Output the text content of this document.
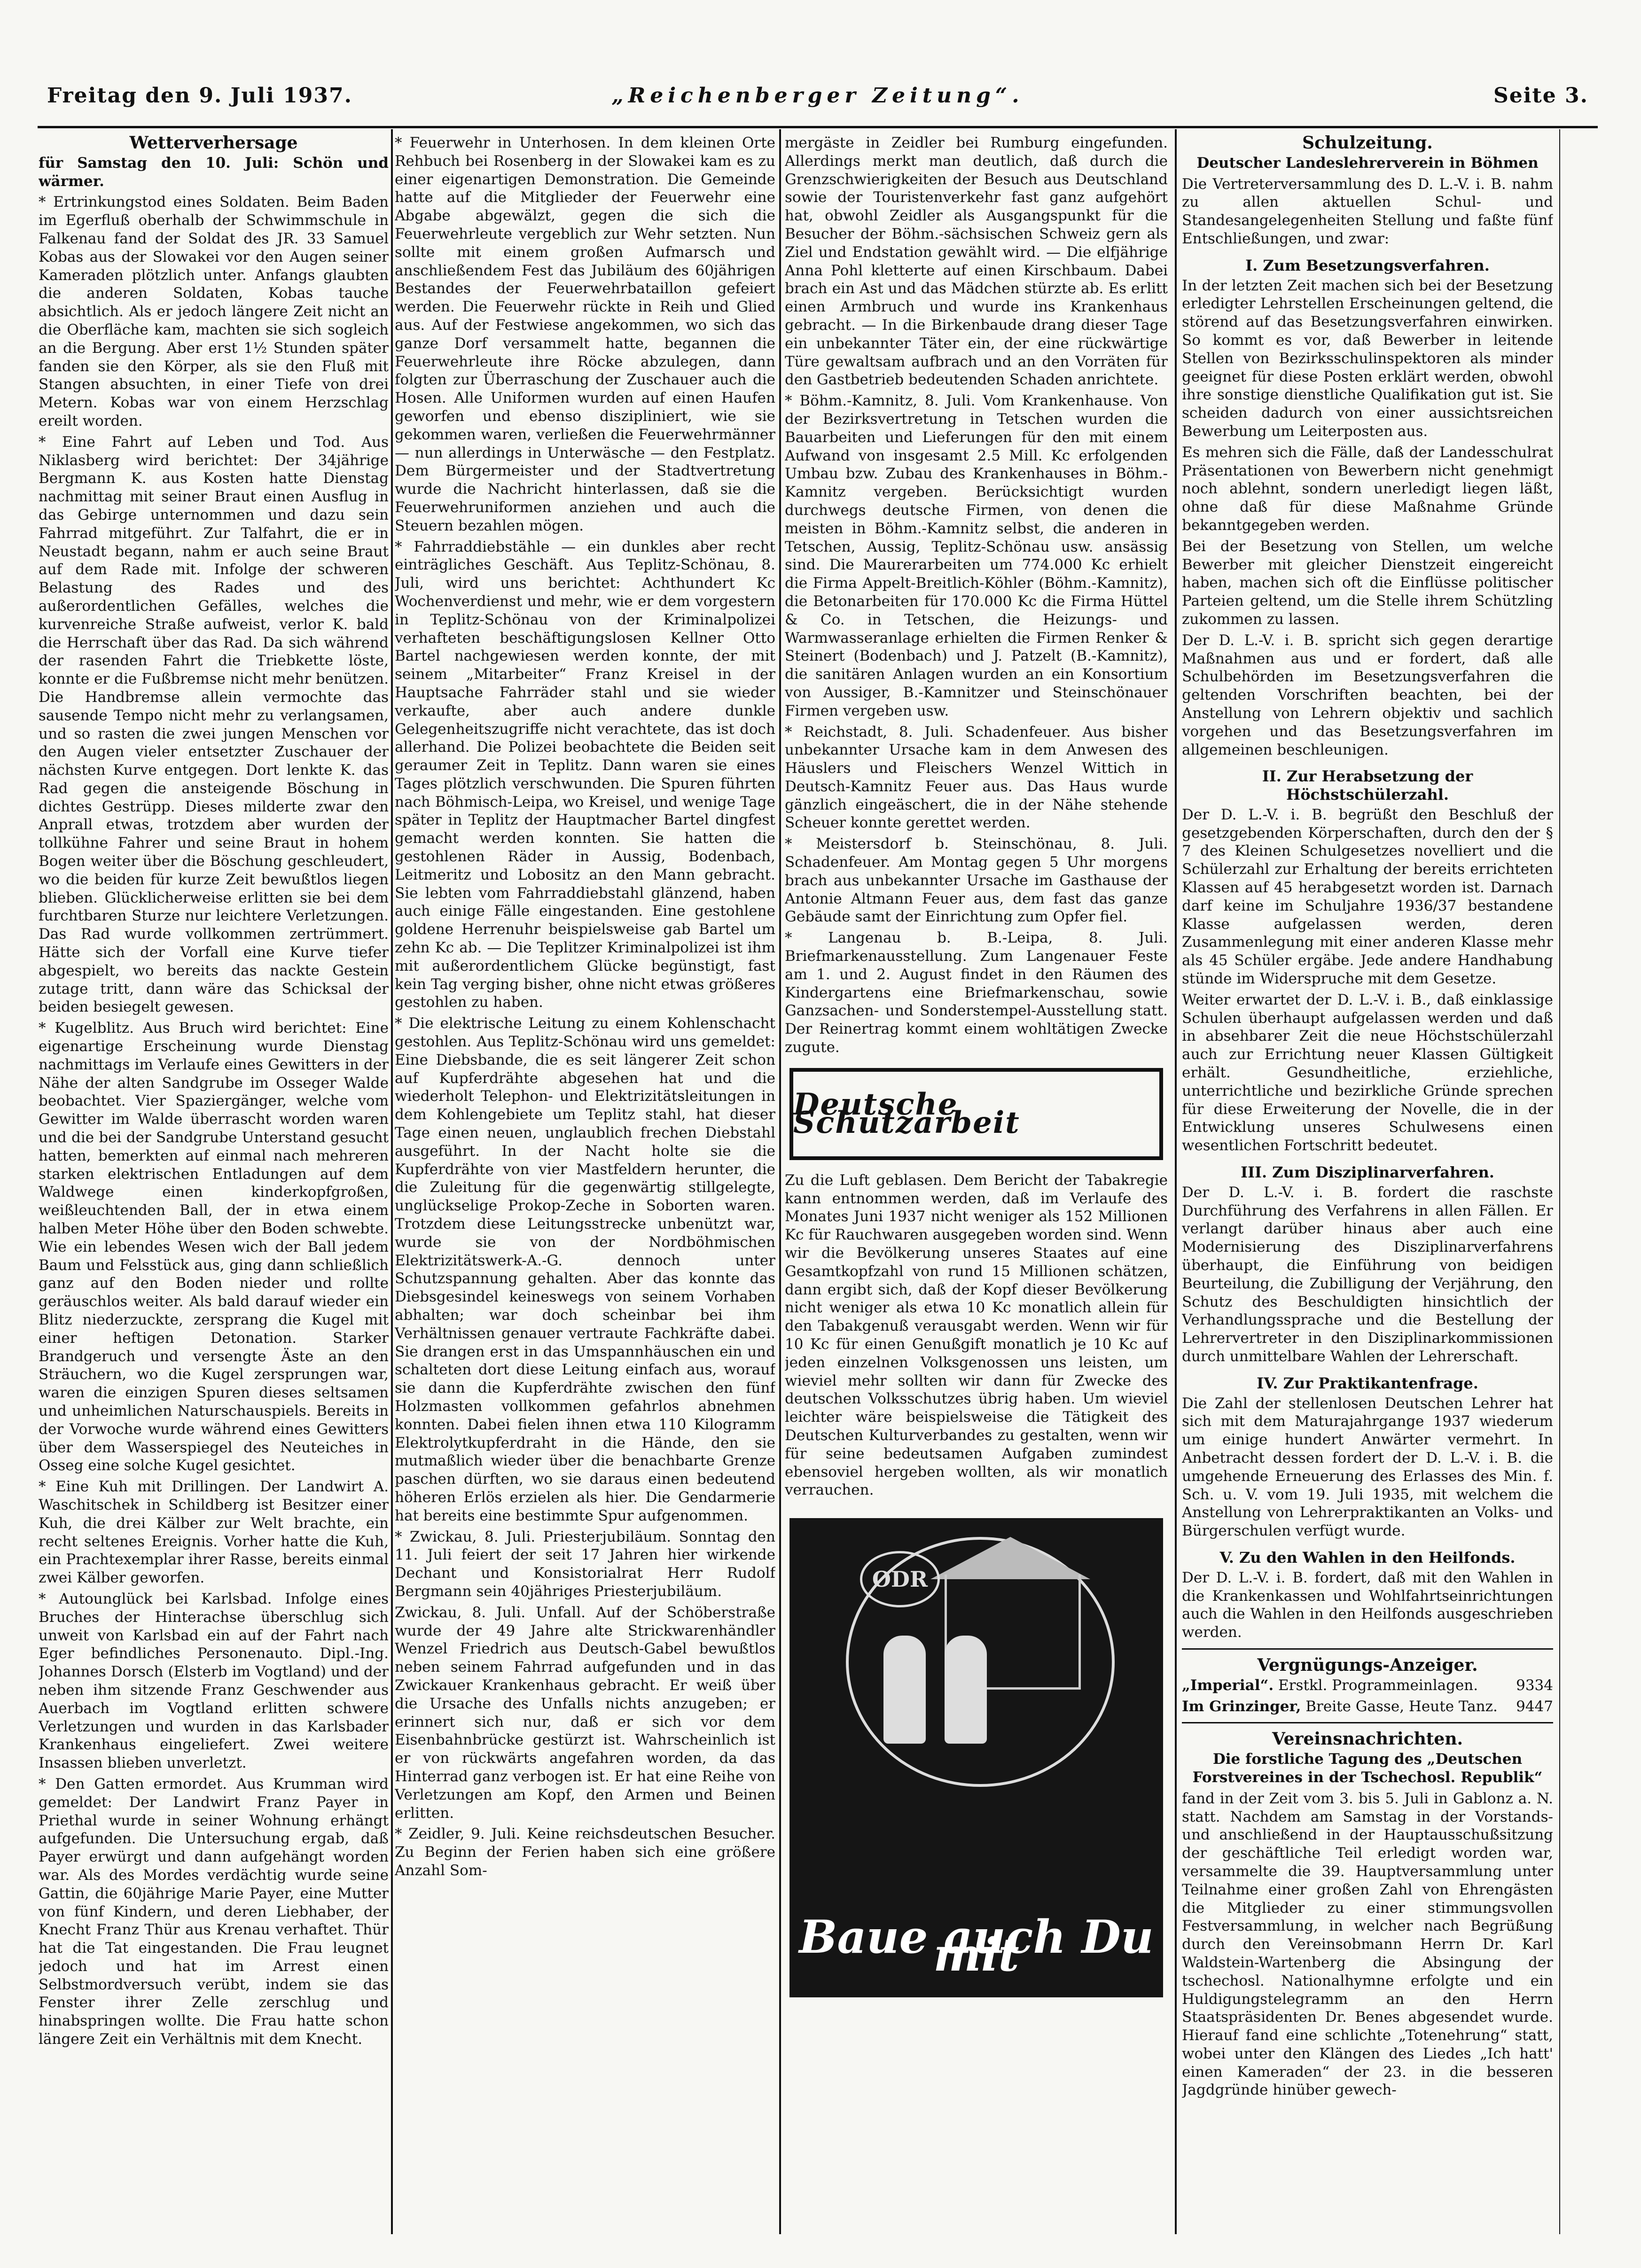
Freitag den 9. Juli 1937.	„Reichenberger Zeitung“.	Seite 3.
Wetterverhersage

für Samstag den 10. Juli: Schön und wärmer.

* Ertrinkungstod eines Soldaten. Beim Baden im Egerfluß oberhalb der Schwimmschule in Falkenau fand der Soldat des JR. 33 Samuel Kobas aus der Slowakei vor den Augen seiner Kameraden plötzlich unter. Anfangs glaubten die anderen Soldaten, Kobas tauche absichtlich. Als er jedoch längere Zeit nicht an die Oberfläche kam, machten sie sich sogleich an die Bergung. Aber erst 1½ Stunden später fanden sie den Körper, als sie den Fluß mit Stangen absuchten, in einer Tiefe von drei Metern. Kobas war von einem Herzschlag ereilt worden.

* Eine Fahrt auf Leben und Tod. Aus Niklasberg wird berichtet: Der 34jährige Bergmann K. aus Kosten hatte Dienstag nachmittag mit seiner Braut einen Ausflug in das Gebirge unternommen und dazu sein Fahrrad mitgeführt. Zur Talfahrt, die er in Neustadt begann, nahm er auch seine Braut auf dem Rade mit. Infolge der schweren Belastung des Rades und des außerordentlichen Gefälles, welches die kurvenreiche Straße aufweist, verlor K. bald die Herrschaft über das Rad. Da sich während der rasenden Fahrt die Triebkette löste, konnte er die Fußbremse nicht mehr benützen. Die Handbremse allein vermochte das sausende Tempo nicht mehr zu verlangsamen, und so rasten die zwei jungen Menschen vor den Augen vieler entsetzter Zuschauer der nächsten Kurve entgegen. Dort lenkte K. das Rad gegen die ansteigende Böschung in dichtes Gestrüpp. Dieses milderte zwar den Anprall etwas, trotzdem aber wurden der tollkühne Fahrer und seine Braut in hohem Bogen weiter über die Böschung geschleudert, wo die beiden für kurze Zeit bewußtlos liegen blieben. Glücklicherweise erlitten sie bei dem furchtbaren Sturze nur leichtere Verletzungen. Das Rad wurde vollkommen zertrümmert. Hätte sich der Vorfall eine Kurve tiefer abgespielt, wo bereits das nackte Gestein zutage tritt, dann wäre das Schicksal der beiden besiegelt gewesen.

* Kugelblitz. Aus Bruch wird berichtet: Eine eigenartige Erscheinung wurde Dienstag nachmittags im Verlaufe eines Gewitters in der Nähe der alten Sandgrube im Osseger Walde beobachtet. Vier Spaziergänger, welche vom Gewitter im Walde überrascht worden waren und die bei der Sandgrube Unterstand gesucht hatten, bemerkten auf einmal nach mehreren starken elektrischen Entladungen auf dem Waldwege einen kinderkopfgroßen, weißleuchtenden Ball, der in etwa einem halben Meter Höhe über den Boden schwebte. Wie ein lebendes Wesen wich der Ball jedem Baum und Felsstück aus, ging dann schließlich ganz auf den Boden nieder und rollte geräuschlos weiter. Als bald darauf wieder ein Blitz niederzuckte, zersprang die Kugel mit einer heftigen Detonation. Starker Brandgeruch und versengte Äste an den Sträuchern, wo die Kugel zersprungen war, waren die einzigen Spuren dieses seltsamen und unheimlichen Naturschauspiels. Bereits in der Vorwoche wurde während eines Gewitters über dem Wasserspiegel des Neuteiches in Osseg eine solche Kugel gesichtet.

* Eine Kuh mit Drillingen. Der Landwirt A. Waschitschek in Schildberg ist Besitzer einer Kuh, die drei Kälber zur Welt brachte, ein recht seltenes Ereignis. Vorher hatte die Kuh, ein Prachtexemplar ihrer Rasse, bereits einmal zwei Kälber geworfen.

* Autounglück bei Karlsbad. Infolge eines Bruches der Hinterachse überschlug sich unweit von Karlsbad ein auf der Fahrt nach Eger befindliches Personenauto. Dipl.-Ing. Johannes Dorsch (Elsterb im Vogtland) und der neben ihm sitzende Franz Geschwender aus Auerbach im Vogtland erlitten schwere Verletzungen und wurden in das Karlsbader Krankenhaus eingeliefert. Zwei weitere Insassen blieben unverletzt.

* Den Gatten ermordet. Aus Krumman wird gemeldet: Der Landwirt Franz Payer in Priethal wurde in seiner Wohnung erhängt aufgefunden. Die Untersuchung ergab, daß Payer erwürgt und dann aufgehängt worden war. Als des Mordes verdächtig wurde seine Gattin, die 60jährige Marie Payer, eine Mutter von fünf Kindern, und deren Liebhaber, der Knecht Franz Thür aus Krenau verhaftet. Thür hat die Tat eingestanden. Die Frau leugnet jedoch und hat im Arrest einen Selbstmordversuch verübt, indem sie das Fenster ihrer Zelle zerschlug und hinabspringen wollte. Die Frau hatte schon längere Zeit ein Verhältnis mit dem Knecht.

* Feuerwehr in Unterhosen. In dem kleinen Orte Rehbuch bei Rosenberg in der Slowakei kam es zu einer eigenartigen Demonstration. Die Gemeinde hatte auf die Mitglieder der Feuerwehr eine Abgabe abgewälzt, gegen die sich die Feuerwehrleute vergeblich zur Wehr setzten. Nun sollte mit einem großen Aufmarsch und anschließendem Fest das Jubiläum des 60jährigen Bestandes der Feuerwehrbataillon gefeiert werden. Die Feuerwehr rückte in Reih und Glied aus. Auf der Festwiese angekommen, wo sich das ganze Dorf versammelt hatte, begannen die Feuerwehrleute ihre Röcke abzulegen, dann folgten zur Überraschung der Zuschauer auch die Hosen. Alle Uniformen wurden auf einen Haufen geworfen und ebenso diszipliniert, wie sie gekommen waren, verließen die Feuerwehrmänner — nun allerdings in Unterwäsche — den Festplatz. Dem Bürgermeister und der Stadtvertretung wurde die Nachricht hinterlassen, daß sie die Feuerwehruniformen anziehen und auch die Steuern bezahlen mögen.

* Fahrraddiebstähle — ein dunkles aber recht einträgliches Geschäft. Aus Teplitz-Schönau, 8. Juli, wird uns berichtet: Achthundert Kc Wochenverdienst und mehr, wie er dem vorgestern in Teplitz-Schönau von der Kriminalpolizei verhafteten beschäftigungslosen Kellner Otto Bartel nachgewiesen werden konnte, der mit seinem „Mitarbeiter“ Franz Kreisel in der Hauptsache Fahrräder stahl und sie wieder verkaufte, aber auch andere dunkle Gelegenheitszugriffe nicht verachtete, das ist doch allerhand. Die Polizei beobachtete die Beiden seit geraumer Zeit in Teplitz. Dann waren sie eines Tages plötzlich verschwunden. Die Spuren führten nach Böhmisch-Leipa, wo Kreisel, und wenige Tage später in Teplitz der Hauptmacher Bartel dingfest gemacht werden konnten. Sie hatten die gestohlenen Räder in Aussig, Bodenbach, Leitmeritz und Lobositz an den Mann gebracht. Sie lebten vom Fahrraddiebstahl glänzend, haben auch einige Fälle eingestanden. Eine gestohlene goldene Herrenuhr beispielsweise gab Bartel um zehn Kc ab. — Die Teplitzer Kriminalpolizei ist ihm mit außerordentlichem Glücke begünstigt, fast kein Tag verging bisher, ohne nicht etwas größeres gestohlen zu haben.

* Die elektrische Leitung zu einem Kohlenschacht gestohlen. Aus Teplitz-Schönau wird uns gemeldet: Eine Diebsbande, die es seit längerer Zeit schon auf Kupferdrähte abgesehen hat und die wiederholt Telephon- und Elektrizitätsleitungen in dem Kohlengebiete um Teplitz stahl, hat dieser Tage einen neuen, unglaublich frechen Diebstahl ausgeführt. In der Nacht holte sie die Kupferdrähte von vier Mastfeldern herunter, die die Zuleitung für die gegenwärtig stillgelegte, unglückselige Prokop-Zeche in Soborten waren. Trotzdem diese Leitungsstrecke unbenützt war, wurde sie von der Nordböhmischen Elektrizitätswerk-A.-G. dennoch unter Schutzspannung gehalten. Aber das konnte das Diebsgesindel keineswegs von seinem Vorhaben abhalten; war doch scheinbar bei ihm Verhältnissen genauer vertraute Fachkräfte dabei. Sie drangen erst in das Umspannhäuschen ein und schalteten dort diese Leitung einfach aus, worauf sie dann die Kupferdrähte zwischen den fünf Holzmasten vollkommen gefahrlos abnehmen konnten. Dabei fielen ihnen etwa 110 Kilogramm Elektrolytkupferdraht in die Hände, den sie mutmaßlich wieder über die benachbarte Grenze paschen dürften, wo sie daraus einen bedeutend höheren Erlös erzielen als hier. Die Gendarmerie hat bereits eine bestimmte Spur aufgenommen.

* Zwickau, 8. Juli. Priesterjubiläum. Sonntag den 11. Juli feiert der seit 17 Jahren hier wirkende Dechant und Konsistorialrat Herr Rudolf Bergmann sein 40jähriges Priesterjubiläum.

Zwickau, 8. Juli. Unfall. Auf der Schöberstraße wurde der 49 Jahre alte Strickwarenhändler Wenzel Friedrich aus Deutsch-Gabel bewußtlos neben seinem Fahrrad aufgefunden und in das Zwickauer Krankenhaus gebracht. Er weiß über die Ursache des Unfalls nichts anzugeben; er erinnert sich nur, daß er sich vor dem Eisenbahnbrücke gestürzt ist. Wahrscheinlich ist er von rückwärts angefahren worden, da das Hinterrad ganz verbogen ist. Er hat eine Reihe von Verletzungen am Kopf, den Armen und Beinen erlitten.

* Zeidler, 9. Juli. Keine reichsdeutschen Besucher. Zu Beginn der Ferien haben sich eine größere Anzahl Som-

mergäste in Zeidler bei Rumburg eingefunden. Allerdings merkt man deutlich, daß durch die Grenzschwierigkeiten der Besuch aus Deutschland sowie der Touristenverkehr fast ganz aufgehört hat, obwohl Zeidler als Ausgangspunkt für die Besucher der Böhm.-sächsischen Schweiz gern als Ziel und Endstation gewählt wird. — Die elfjährige Anna Pohl kletterte auf einen Kirschbaum. Dabei brach ein Ast und das Mädchen stürzte ab. Es erlitt einen Armbruch und wurde ins Krankenhaus gebracht. — In die Birkenbaude drang dieser Tage ein unbekannter Täter ein, der eine rückwärtige Türe gewaltsam aufbrach und an den Vorräten für den Gastbetrieb bedeutenden Schaden anrichtete.

* Böhm.-Kamnitz, 8. Juli. Vom Krankenhause. Von der Bezirksvertretung in Tetschen wurden die Bauarbeiten und Lieferungen für den mit einem Aufwand von insgesamt 2.5 Mill. Kc erfolgenden Umbau bzw. Zubau des Krankenhauses in Böhm.-Kamnitz vergeben. Berücksichtigt wurden durchwegs deutsche Firmen, von denen die meisten in Böhm.-Kamnitz selbst, die anderen in Tetschen, Aussig, Teplitz-Schönau usw. ansässig sind. Die Maurerarbeiten um 774.000 Kc erhielt die Firma Appelt-Breitlich-Köhler (Böhm.-Kamnitz), die Betonarbeiten für 170.000 Kc die Firma Hüttel & Co. in Tetschen, die Heizungs- und Warmwasseranlage erhielten die Firmen Renker & Steinert (Bodenbach) und J. Patzelt (B.-Kamnitz), die sanitären Anlagen wurden an ein Konsortium von Aussiger, B.-Kamnitzer und Steinschönauer Firmen vergeben usw.

* Reichstadt, 8. Juli. Schadenfeuer. Aus bisher unbekannter Ursache kam in dem Anwesen des Häuslers und Fleischers Wenzel Wittich in Deutsch-Kamnitz Feuer aus. Das Haus wurde gänzlich eingeäschert, die in der Nähe stehende Scheuer konnte gerettet werden.

* Meistersdorf b. Steinschönau, 8. Juli. Schadenfeuer. Am Montag gegen 5 Uhr morgens brach aus unbekannter Ursache im Gasthause der Antonie Altmann Feuer aus, dem fast das ganze Gebäude samt der Einrichtung zum Opfer fiel.

* Langenau b. B.-Leipa, 8. Juli. Briefmarkenausstellung. Zum Langenauer Feste am 1. und 2. August findet in den Räumen des Kindergartens eine Briefmarkenschau, sowie Ganzsachen- und Sonderstempel-Ausstellung statt. Der Reinertrag kommt einem wohltätigen Zwecke zugute.

Deutsche Schutzarbeit

Zu die Luft geblasen. Dem Bericht der Tabakregie kann entnommen werden, daß im Verlaufe des Monates Juni 1937 nicht weniger als 152 Millionen Kc für Rauchwaren ausgegeben worden sind. Wenn wir die Bevölkerung unseres Staates auf eine Gesamtkopfzahl von rund 15 Millionen schätzen, dann ergibt sich, daß der Kopf dieser Bevölkerung nicht weniger als etwa 10 Kc monatlich allein für den Tabakgenuß verausgabt werden. Wenn wir für 10 Kc für einen Genußgift monatlich je 10 Kc auf jeden einzelnen Volksgenossen uns leisten, um wieviel mehr sollten wir dann für Zwecke des deutschen Volksschutzes übrig haben. Um wieviel leichter wäre beispielsweise die Tätigkeit des Deutschen Kulturverbandes zu gestalten, wenn wir für seine bedeutsamen Aufgaben zumindest ebensoviel hergeben wollten, als wir monatlich verrauchen.

ODR
Baue auch Du mit
Schulzeitung.

Deutscher Landeslehrerverein in Böhmen

Die Vertreterversammlung des D. L.-V. i. B. nahm zu allen aktuellen Schul- und Standesangelegenheiten Stellung und faßte fünf Entschließungen, und zwar:

I. Zum Besetzungsverfahren.

In der letzten Zeit machen sich bei der Besetzung erledigter Lehrstellen Erscheinungen geltend, die störend auf das Besetzungsverfahren einwirken. So kommt es vor, daß Bewerber in leitende Stellen von Bezirksschulinspektoren als minder geeignet für diese Posten erklärt werden, obwohl ihre sonstige dienstliche Qualifikation gut ist. Sie scheiden dadurch von einer aussichtsreichen Bewerbung um Leiterposten aus.

Es mehren sich die Fälle, daß der Landesschulrat Präsentationen von Bewerbern nicht genehmigt noch ablehnt, sondern unerledigt liegen läßt, ohne daß für diese Maßnahme Gründe bekanntgegeben werden.

Bei der Besetzung von Stellen, um welche Bewerber mit gleicher Dienstzeit eingereicht haben, machen sich oft die Einflüsse politischer Parteien geltend, um die Stelle ihrem Schützling zukommen zu lassen.

Der D. L.-V. i. B. spricht sich gegen derartige Maßnahmen aus und er fordert, daß alle Schulbehörden im Besetzungsverfahren die geltenden Vorschriften beachten, bei der Anstellung von Lehrern objektiv und sachlich vorgehen und das Besetzungsverfahren im allgemeinen beschleunigen.

II. Zur Herabsetzung der Höchstschülerzahl.

Der D. L.-V. i. B. begrüßt den Beschluß der gesetzgebenden Körperschaften, durch den der § 7 des Kleinen Schulgesetzes novelliert und die Schülerzahl zur Erhaltung der bereits errichteten Klassen auf 45 herabgesetzt worden ist. Darnach darf keine im Schuljahre 1936/37 bestandene Klasse aufgelassen werden, deren Zusammenlegung mit einer anderen Klasse mehr als 45 Schüler ergäbe. Jede andere Handhabung stünde im Widerspruche mit dem Gesetze.

Weiter erwartet der D. L.-V. i. B., daß einklassige Schulen überhaupt aufgelassen werden und daß in absehbarer Zeit die neue Höchstschülerzahl auch zur Errichtung neuer Klassen Gültigkeit erhält. Gesundheitliche, erziehliche, unterrichtliche und bezirkliche Gründe sprechen für diese Erweiterung der Novelle, die in der Entwicklung unseres Schulwesens einen wesentlichen Fortschritt bedeutet.

III. Zum Disziplinarverfahren.

Der D. L.-V. i. B. fordert die raschste Durchführung des Verfahrens in allen Fällen. Er verlangt darüber hinaus aber auch eine Modernisierung des Disziplinarverfahrens überhaupt, die Einführung von beidigen Beurteilung, die Zubilligung der Verjährung, den Schutz des Beschuldigten hinsichtlich der Verhandlungssprache und die Bestellung der Lehrervertreter in den Disziplinarkommissionen durch unmittelbare Wahlen der Lehrerschaft.

IV. Zur Praktikantenfrage.

Die Zahl der stellenlosen Deutschen Lehrer hat sich mit dem Maturajahrgange 1937 wiederum um einige hundert Anwärter vermehrt. In Anbetracht dessen fordert der D. L.-V. i. B. die umgehende Erneuerung des Erlasses des Min. f. Sch. u. V. vom 19. Juli 1935, mit welchem die Anstellung von Lehrerpraktikanten an Volks- und Bürgerschulen verfügt wurde.

V. Zu den Wahlen in den Heilfonds.

Der D. L.-V. i. B. fordert, daß mit den Wahlen in die Krankenkassen und Wohlfahrtseinrichtungen auch die Wahlen in den Heilfonds ausgeschrieben werden.

Vergnügungs-Anzeiger.

„Imperial“. Erstkl. Programmeinlagen.	9334

Im Grinzinger, Breite Gasse, Heute Tanz. 9447

Vereinsnachrichten.

Die forstliche Tagung des „Deutschen Forstvereines in der Tschechosl. Republik“

fand in der Zeit vom 3. bis 5. Juli in Gablonz a. N. statt. Nachdem am Samstag in der Vorstands- und anschließend in der Hauptausschußsitzung der geschäftliche Teil erledigt worden war, versammelte die 39. Hauptversammlung unter Teilnahme einer großen Zahl von Ehrengästen die Mitglieder zu einer stimmungsvollen Festversammlung, in welcher nach Begrüßung durch den Vereinsobmann Herrn Dr. Karl Waldstein-Wartenberg die Absingung der tschechosl. Nationalhymne erfolgte und ein Huldigungstelegramm an den Herrn Staatspräsidenten Dr. Benes abgesendet wurde. Hierauf fand eine schlichte „Totenehrung“ statt, wobei unter den Klängen des Liedes „Ich hatt' einen Kameraden“ der 23. in die besseren Jagdgründe hinüber gewech-
